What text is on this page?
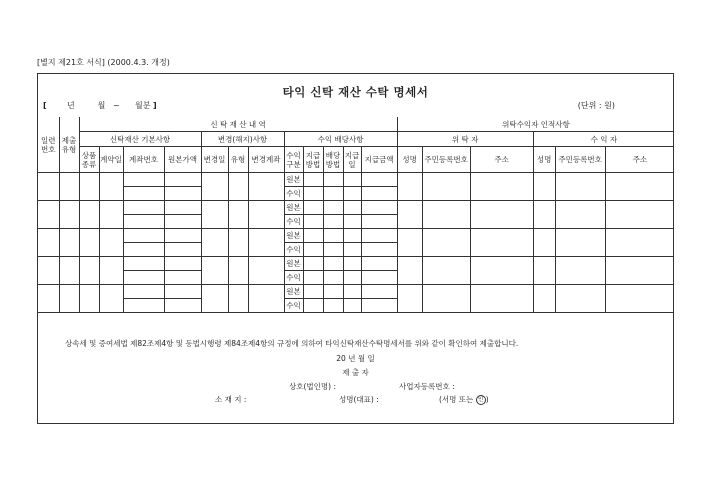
[별지 제21호 서식] (2000.4.3. 개정)
타익 신탁 재산 수탁 명세서
[	년	월 ~ 월분 ]	(단위 : 원)
일련번호	제출유형	신 탁 재 산 내 역												위탁수익자 인적사항					
		신탁재산 기본사항				변경(해지)사항			수익 배당사항					위 탁 자			수 익 자		
		상품종류	계약일	계좌번호	원본가액	변경일	유형	변경계좌	수익구분	지급방법	배당방법	지급일	지급금액	성명	주민등록번호	주소	성명	주민등록번호	주소
									원본										
									수익										
									원본										
									수익										
									원본										
									수익										
									원본										
									수익										
									원본										
									수익										
상속세 및 증여세법 제82조제4항 및 동법시행령 제84조제4항의 규정에 의하여 타익신탁재산수탁명세서를 위와 같이 확인하여 제출합니다.
20 년 월 일
제 출 자
상호(법인명) :	사업자등록번호 :
소 재 지 :	성명(대표) :	(서명 또는 인 )
